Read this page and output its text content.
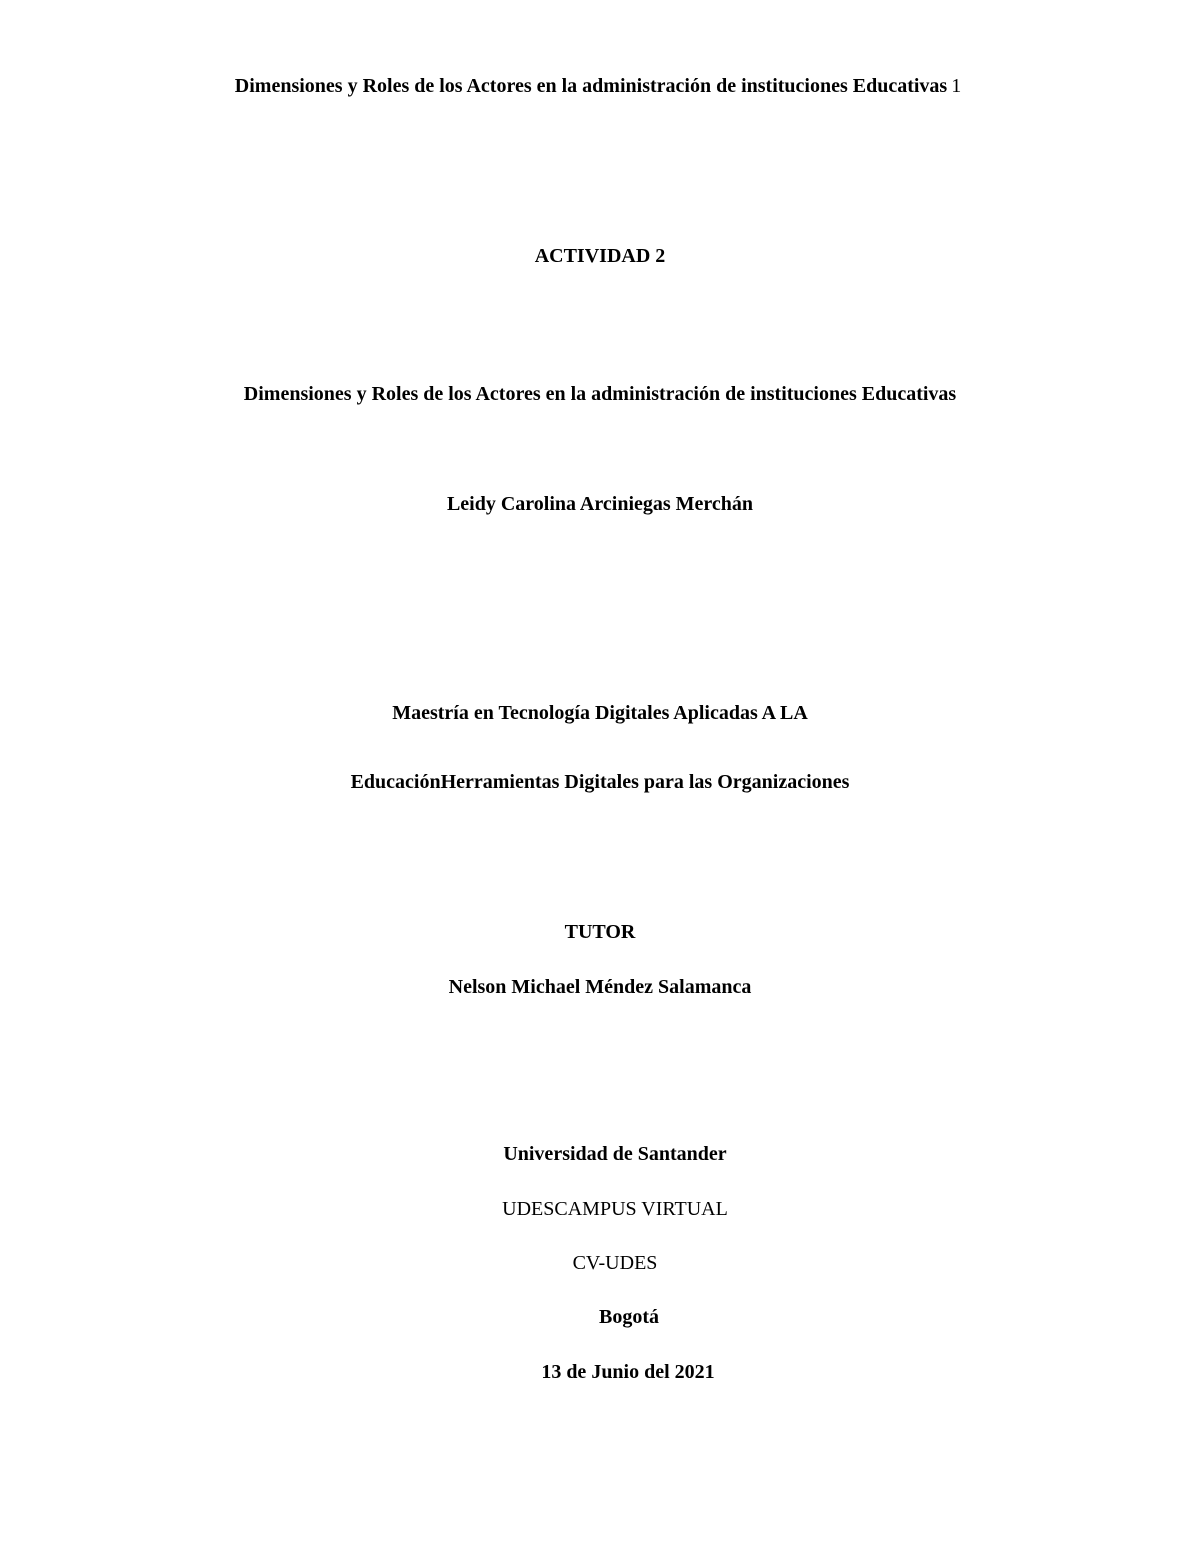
Dimensiones y Roles de los Actores en la administración de instituciones Educativas 1
ACTIVIDAD 2
Dimensiones y Roles de los Actores en la administración de instituciones Educativas
Leidy Carolina Arciniegas Merchán
Maestría en Tecnología Digitales Aplicadas A LA
EducaciónHerramientas Digitales para las Organizaciones
TUTOR
Nelson Michael Méndez Salamanca
Universidad de Santander
UDESCAMPUS VIRTUAL
CV-UDES
Bogotá
13 de Junio del 2021
